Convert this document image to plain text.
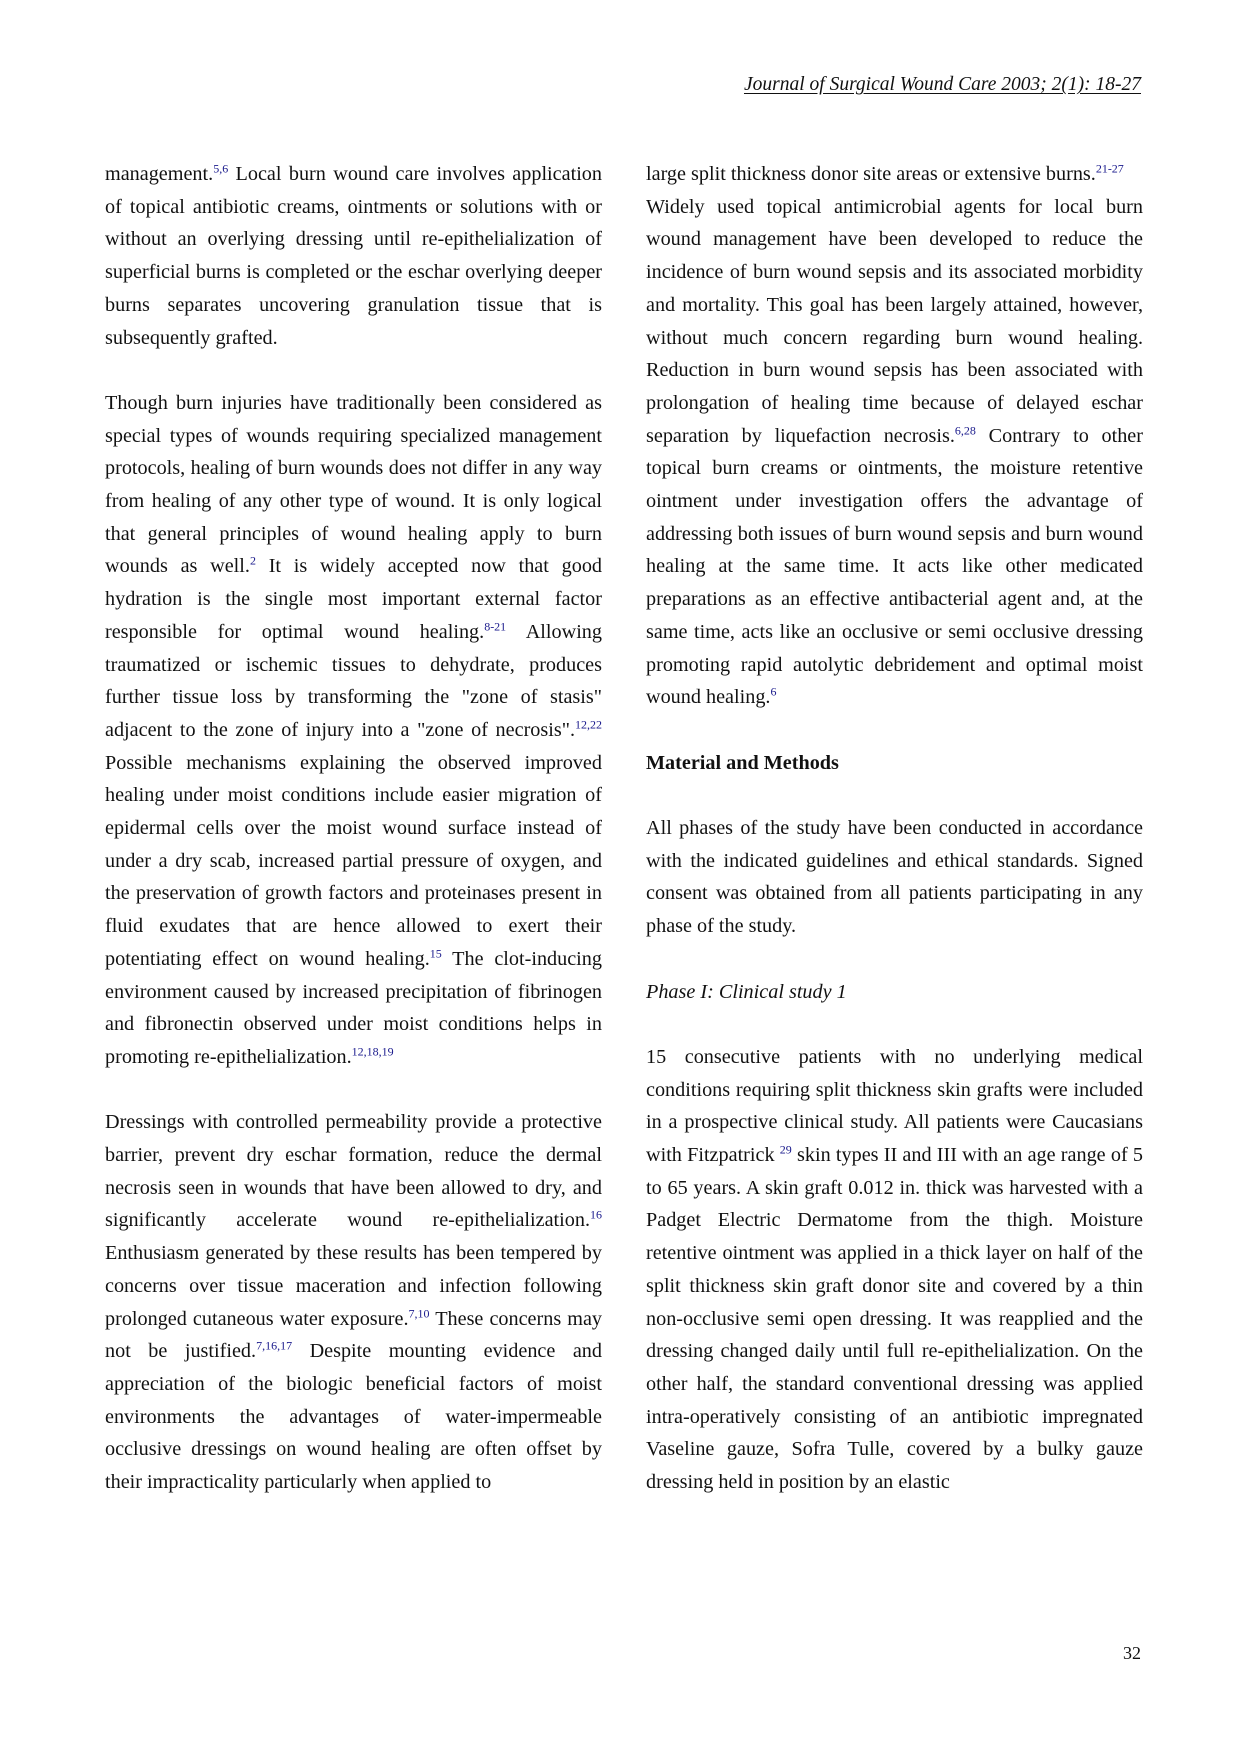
Journal of Surgical Wound Care 2003; 2(1): 18-27

management.$^{5,6}$ Local burn wound care involves application of topical antibiotic creams, ointments or solutions with or without an overlying dressing until re-epithelialization of superficial burns is completed or the eschar overlying deeper burns separates uncovering granulation tissue that is subsequently grafted.

Though burn injuries have traditionally been considered as special types of wounds requiring specialized management protocols, healing of burn wounds does not differ in any way from healing of any other type of wound. It is only logical that general principles of wound healing apply to burn wounds as well.$^2$ It is widely accepted now that good hydration is the single most important external factor responsible for optimal wound healing.$^{8-21}$ Allowing traumatized or ischemic tissues to dehydrate, produces further tissue loss by transforming the "zone of stasis" adjacent to the zone of injury into a "zone of necrosis".$^{12,22}$ Possible mechanisms explaining the observed improved healing under moist conditions include easier migration of epidermal cells over the moist wound surface instead of under a dry scab, increased partial pressure of oxygen, and the preservation of growth factors and proteinases present in fluid exudates that are hence allowed to exert their potentiating effect on wound healing.$^{15}$ The clot-inducing environment caused by increased precipitation of fibrinogen and fibronectin observed under moist conditions helps in promoting re-epithelialization.$^{12,18,19}$

Dressings with controlled permeability provide a protective barrier, prevent dry eschar formation, reduce the dermal necrosis seen in wounds that have been allowed to dry, and significantly accelerate wound re-epithelialization.$^{16}$ Enthusiasm generated by these results has been tempered by concerns over tissue maceration and infection following prolonged cutaneous water exposure.$^{7,10}$ These concerns may not be justified.$^{7,16,17}$ Despite mounting evidence and appreciation of the biologic beneficial factors of moist environments the advantages of water-impermeable occlusive dressings on wound healing are often offset by their impracticality particularly when applied to

large split thickness donor site areas or extensive burns.$^{21-27}$

Widely used topical antimicrobial agents for local burn wound management have been developed to reduce the incidence of burn wound sepsis and its associated morbidity and mortality. This goal has been largely attained, however, without much concern regarding burn wound healing. Reduction in burn wound sepsis has been associated with prolongation of healing time because of delayed eschar separation by liquefaction necrosis.$^{6,28}$ Contrary to other topical burn creams or ointments, the moisture retentive ointment under investigation offers the advantage of addressing both issues of burn wound sepsis and burn wound healing at the same time. It acts like other medicated preparations as an effective antibacterial agent and, at the same time, acts like an occlusive or semi occlusive dressing promoting rapid autolytic debridement and optimal moist wound healing.$^6$

Material and Methods

All phases of the study have been conducted in accordance with the indicated guidelines and ethical standards. Signed consent was obtained from all patients participating in any phase of the study.

Phase I: Clinical study 1

15 consecutive patients with no underlying medical conditions requiring split thickness skin grafts were included in a prospective clinical study. All patients were Caucasians with Fitzpatrick $^{29}$ skin types II and III with an age range of 5 to 65 years. A skin graft 0.012 in. thick was harvested with a Padget Electric Dermatome from the thigh. Moisture retentive ointment was applied in a thick layer on half of the split thickness skin graft donor site and covered by a thin non-occlusive semi open dressing. It was reapplied and the dressing changed daily until full re-epithelialization. On the other half, the standard conventional dressing was applied intra-operatively consisting of an antibiotic impregnated Vaseline gauze, Sofra Tulle, covered by a bulky gauze dressing held in position by an elastic

32
